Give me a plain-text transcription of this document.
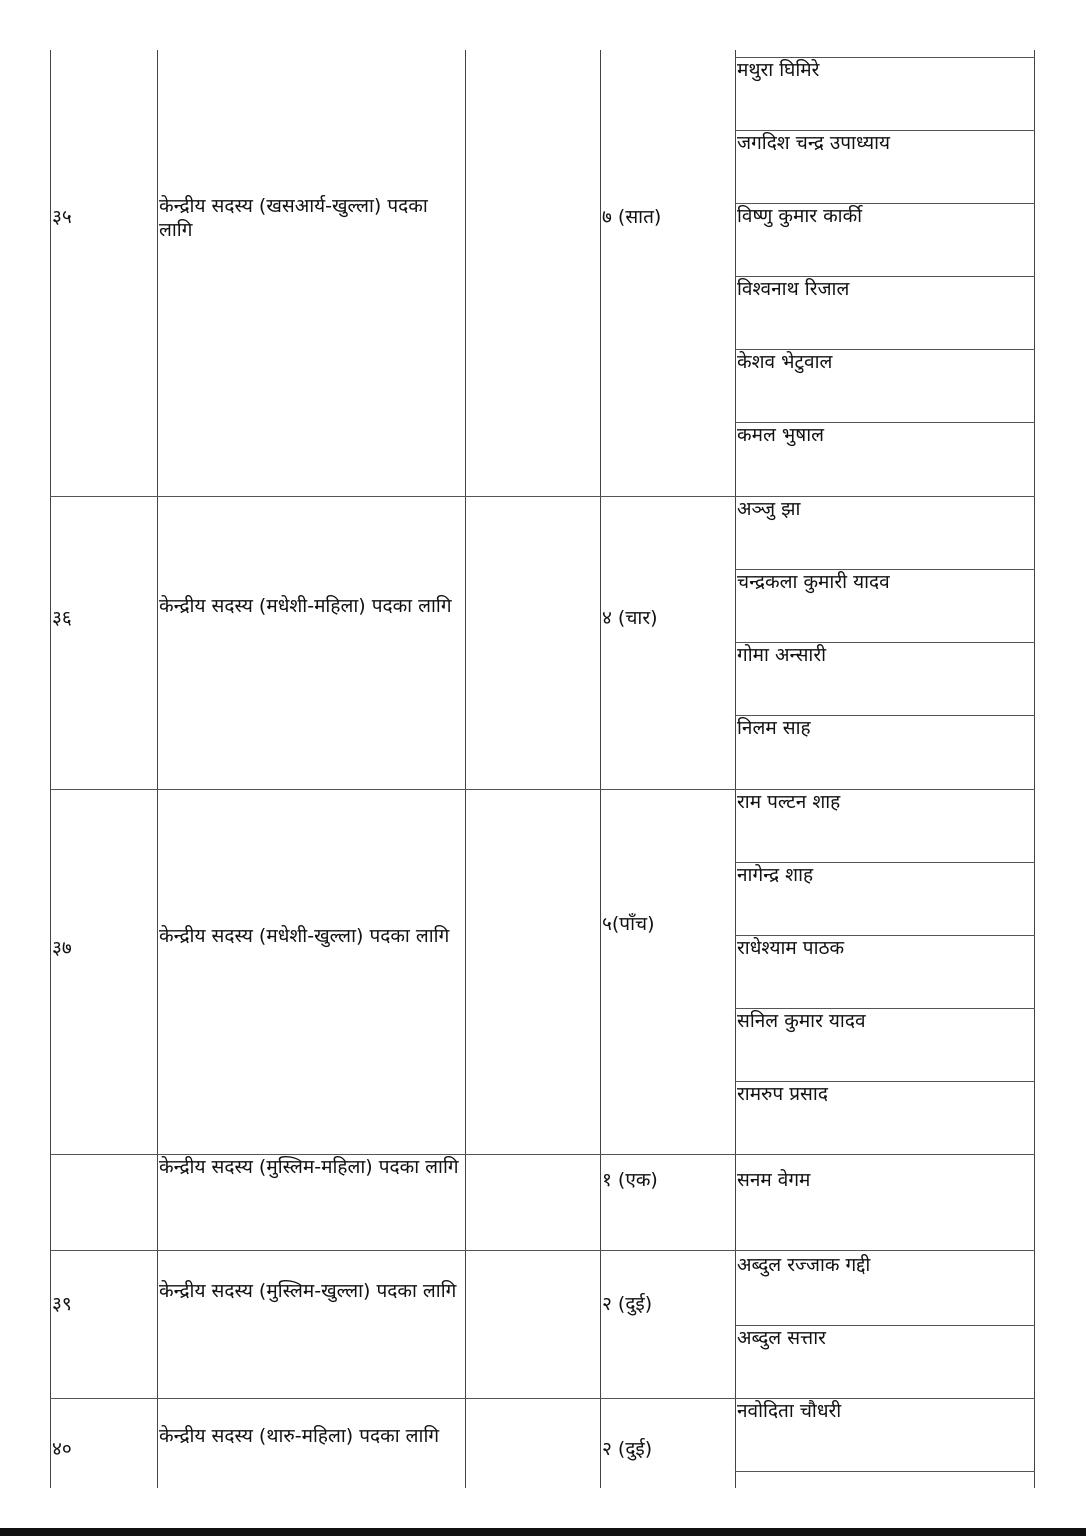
३५	केन्द्रीय सदस्य (खसआर्य-खुल्ला) पदका लागि
७ (सात)
मथुरा घिमिरे
जगदिश चन्द्र उपाध्याय
विष्णु कुमार कार्की
विश्वनाथ रिजाल
केशव भेटुवाल
कमल भुषाल
३६
केन्द्रीय सदस्य (मधेशी-महिला) पदका लागि
४ (चार)
अञ्जु झा
चन्द्रकला कुमारी यादव
गोमा अन्सारी
निलम साह
३७
केन्द्रीय सदस्य (मधेशी-खुल्ला) पदका लागि
५(पाँच)
राम पल्टन शाह
नागेन्द्र शाह
राधेश्याम पाठक
सनिल कुमार यादव
रामरुप प्रसाद
केन्द्रीय सदस्य (मुस्लिम-महिला) पदका लागि
१ (एक)	सनम वेगम
३९
केन्द्रीय सदस्य (मुस्लिम-खुल्ला) पदका लागि
२ (दुई)
अब्दुल रज्जाक गद्दी
अब्दुल सत्तार
४०
केन्द्रीय सदस्य (थारु-महिला) पदका लागि
२ (दुई)
नवोदिता चौधरी
